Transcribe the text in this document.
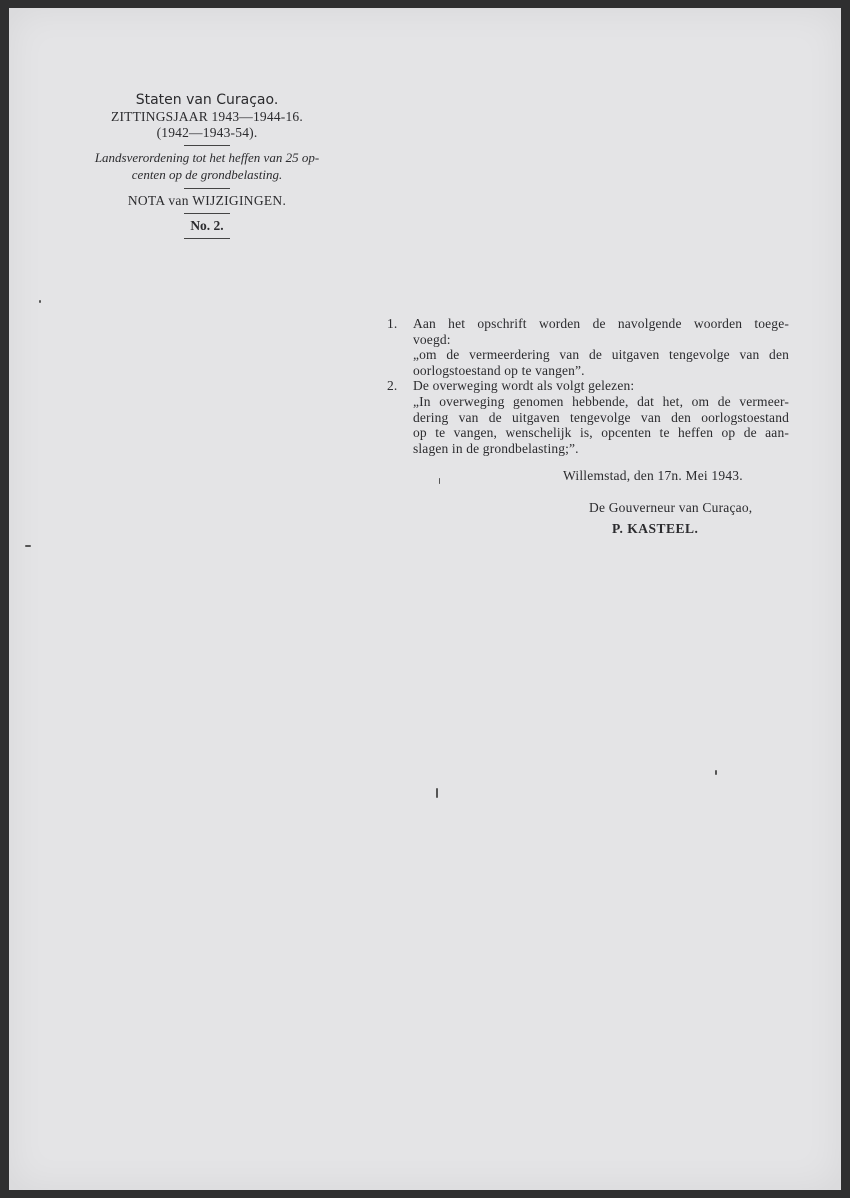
Staten van Curaçao.
ZITTINGSJAAR 1943—1944-16.
(1942—1943-54).
Landsverordening tot het heffen van 25 op-
centen op de grondbelasting.
NOTA van WIJZIGINGEN.
No. 2.
1.	Aan het opschrift worden de navolgende woorden toege-
voegd:
„om de vermeerdering van de uitgaven tengevolge van den
oorlogstoestand op te vangen”.
2.	De overweging wordt als volgt gelezen:
„In overweging genomen hebbende, dat het, om de vermeer-
dering van de uitgaven tengevolge van den oorlogstoestand
op te vangen, wenschelijk is, opcenten te heffen op de aan-
slagen in de grondbelasting;”.
Willemstad, den 17n. Mei 1943.
De Gouverneur van Curaçao,
P. KASTEEL.
